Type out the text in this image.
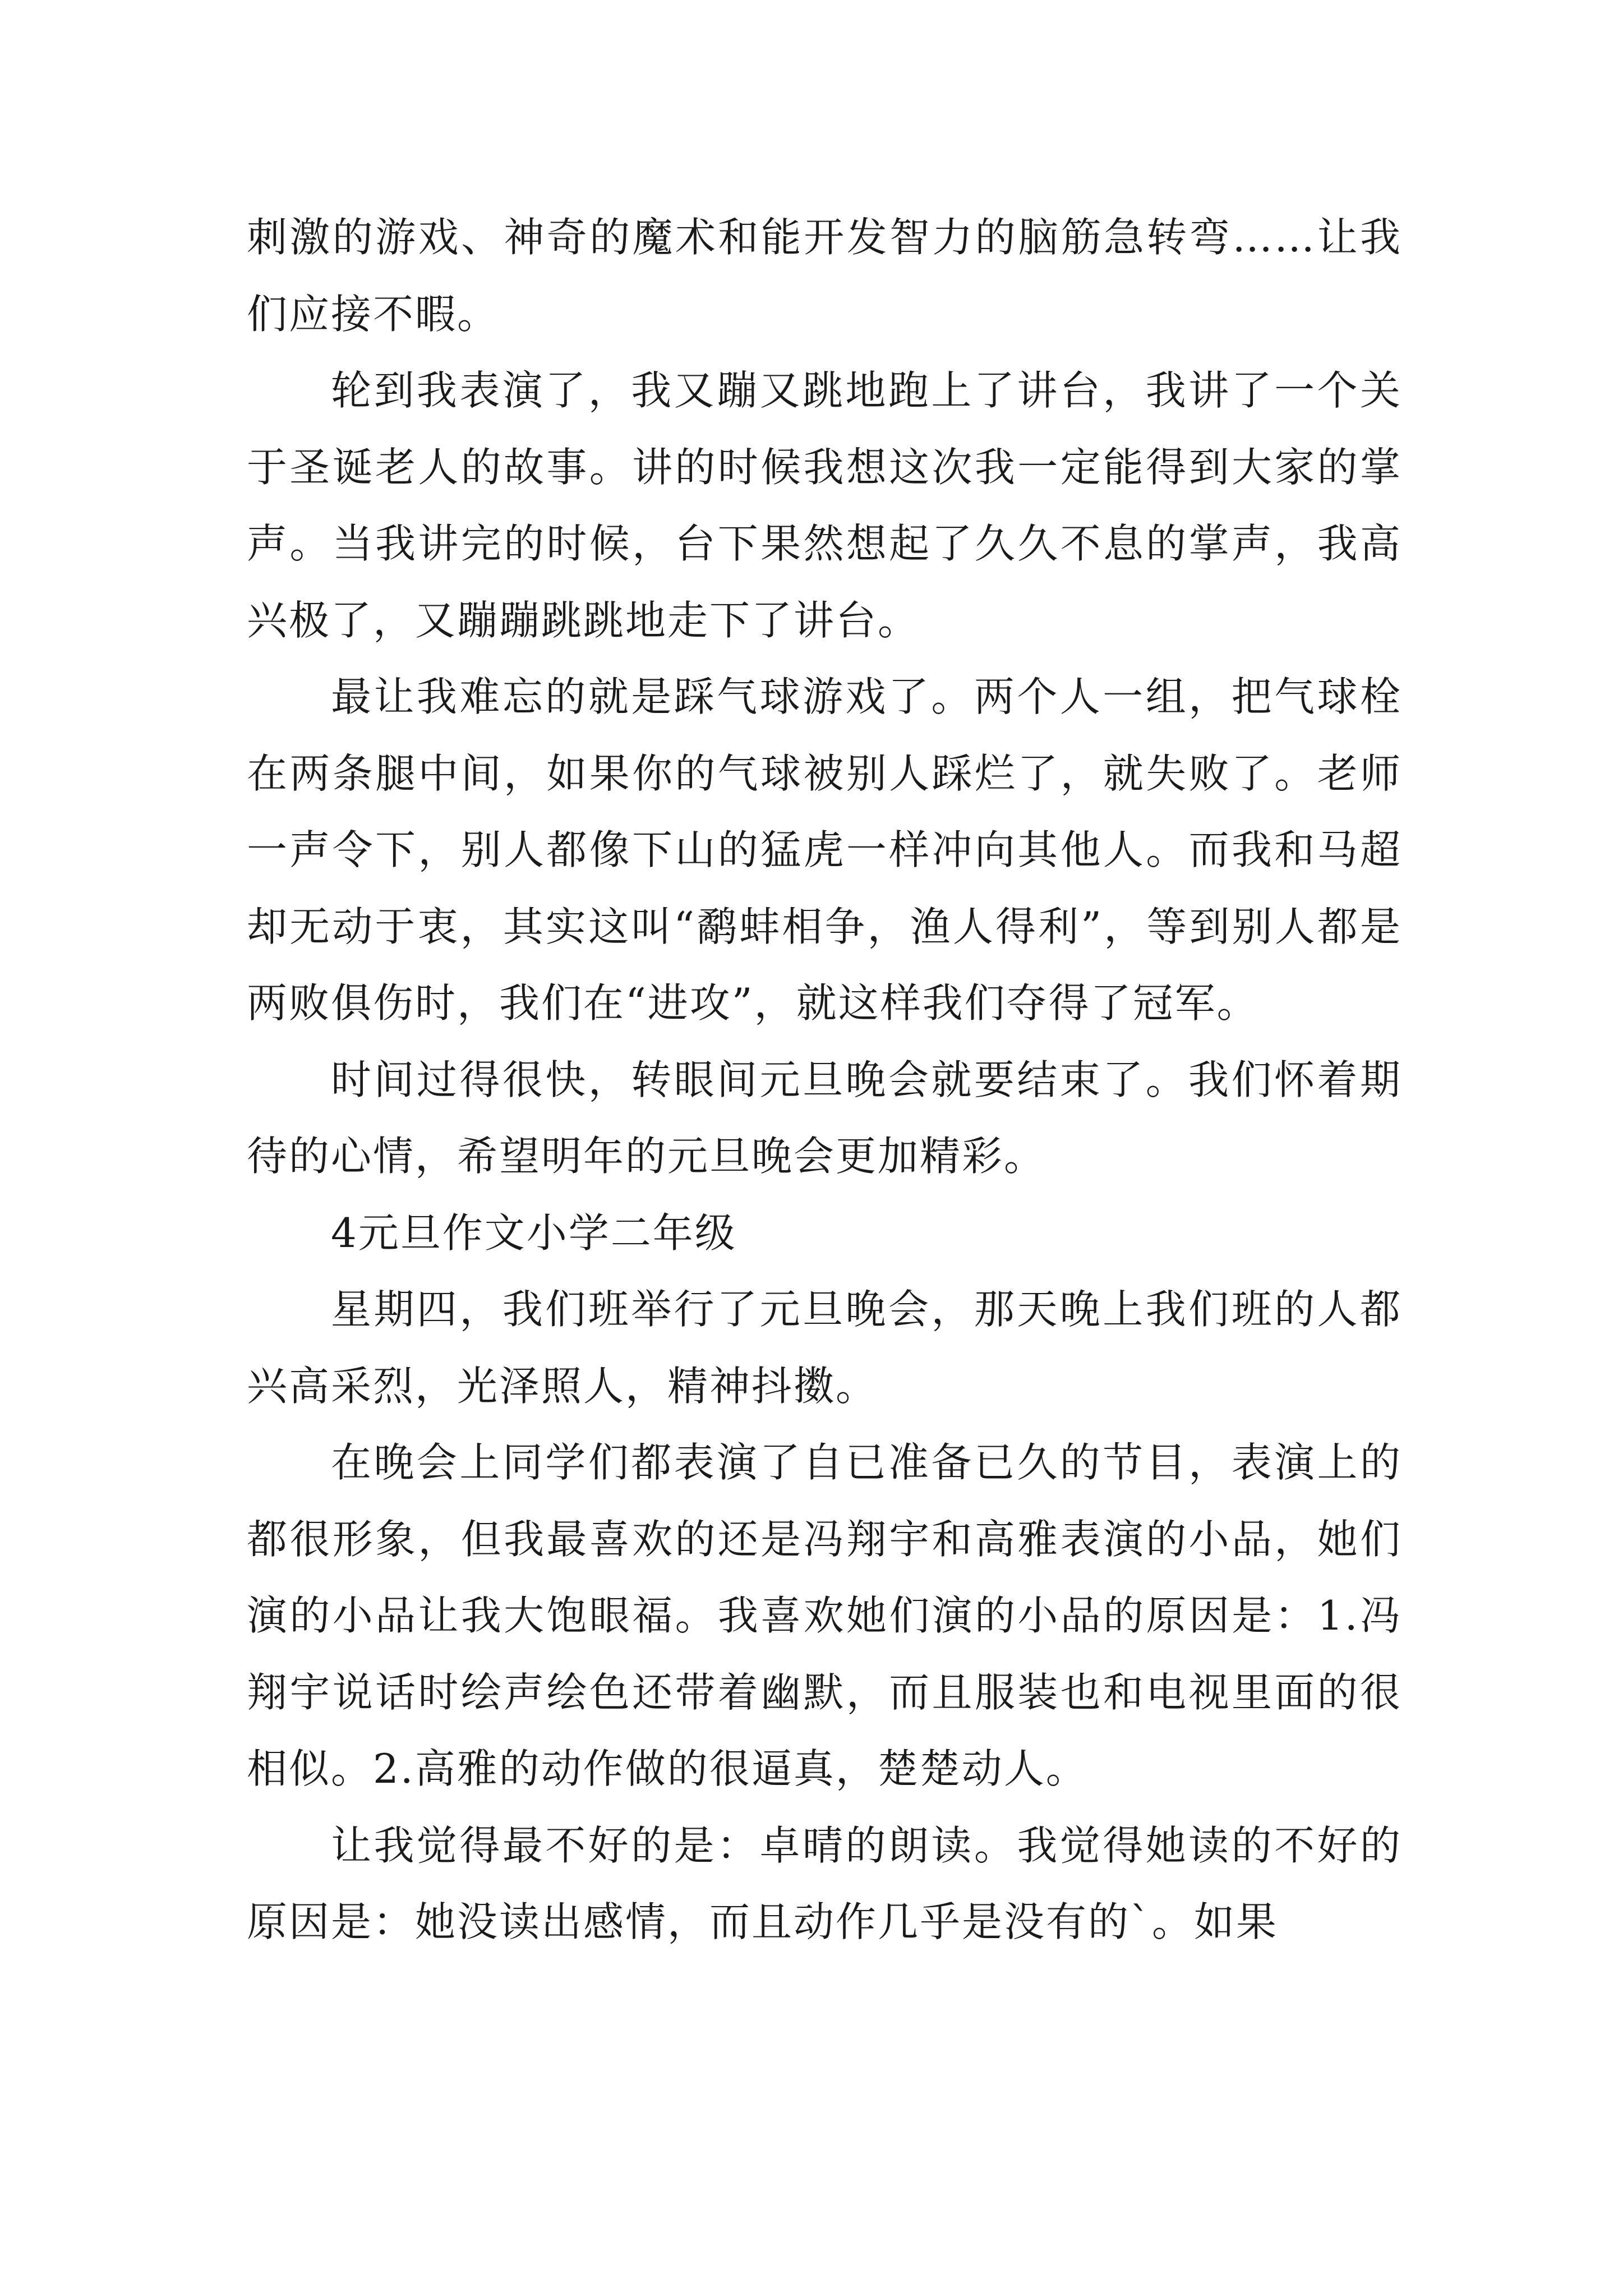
刺激的游戏、神奇的魔术和能开发智力的脑筋急转弯……让我们应接不暇。

轮到我表演了，我又蹦又跳地跑上了讲台，我讲了一个关于圣诞老人的故事。讲的时候我想这次我一定能得到大家的掌声。当我讲完的时候，台下果然想起了久久不息的掌声，我高兴极了，又蹦蹦跳跳地走下了讲台。

最让我难忘的就是踩气球游戏了。两个人一组，把气球栓在两条腿中间，如果你的气球被别人踩烂了，就失败了。老师一声令下，别人都像下山的猛虎一样冲向其他人。而我和马超却无动于衷，其实这叫“鹬蚌相争，渔人得利”，等到别人都是两败俱伤时，我们在“进攻”，就这样我们夺得了冠军。

时间过得很快，转眼间元旦晚会就要结束了。我们怀着期待的心情，希望明年的元旦晚会更加精彩。

4元旦作文小学二年级

星期四，我们班举行了元旦晚会，那天晚上我们班的人都兴高采烈，光泽照人，精神抖擞。

在晚会上同学们都表演了自已准备已久的节目，表演上的都很形象，但我最喜欢的还是冯翔宇和高雅表演的小品，她们演的小品让我大饱眼福。我喜欢她们演的小品的原因是：1.冯翔宇说话时绘声绘色还带着幽默，而且服装也和电视里面的很相似。2.高雅的动作做的很逼真，楚楚动人。

让我觉得最不好的是：卓晴的朗读。我觉得她读的不好的原因是：她没读出感情，而且动作几乎是没有的`。如果
